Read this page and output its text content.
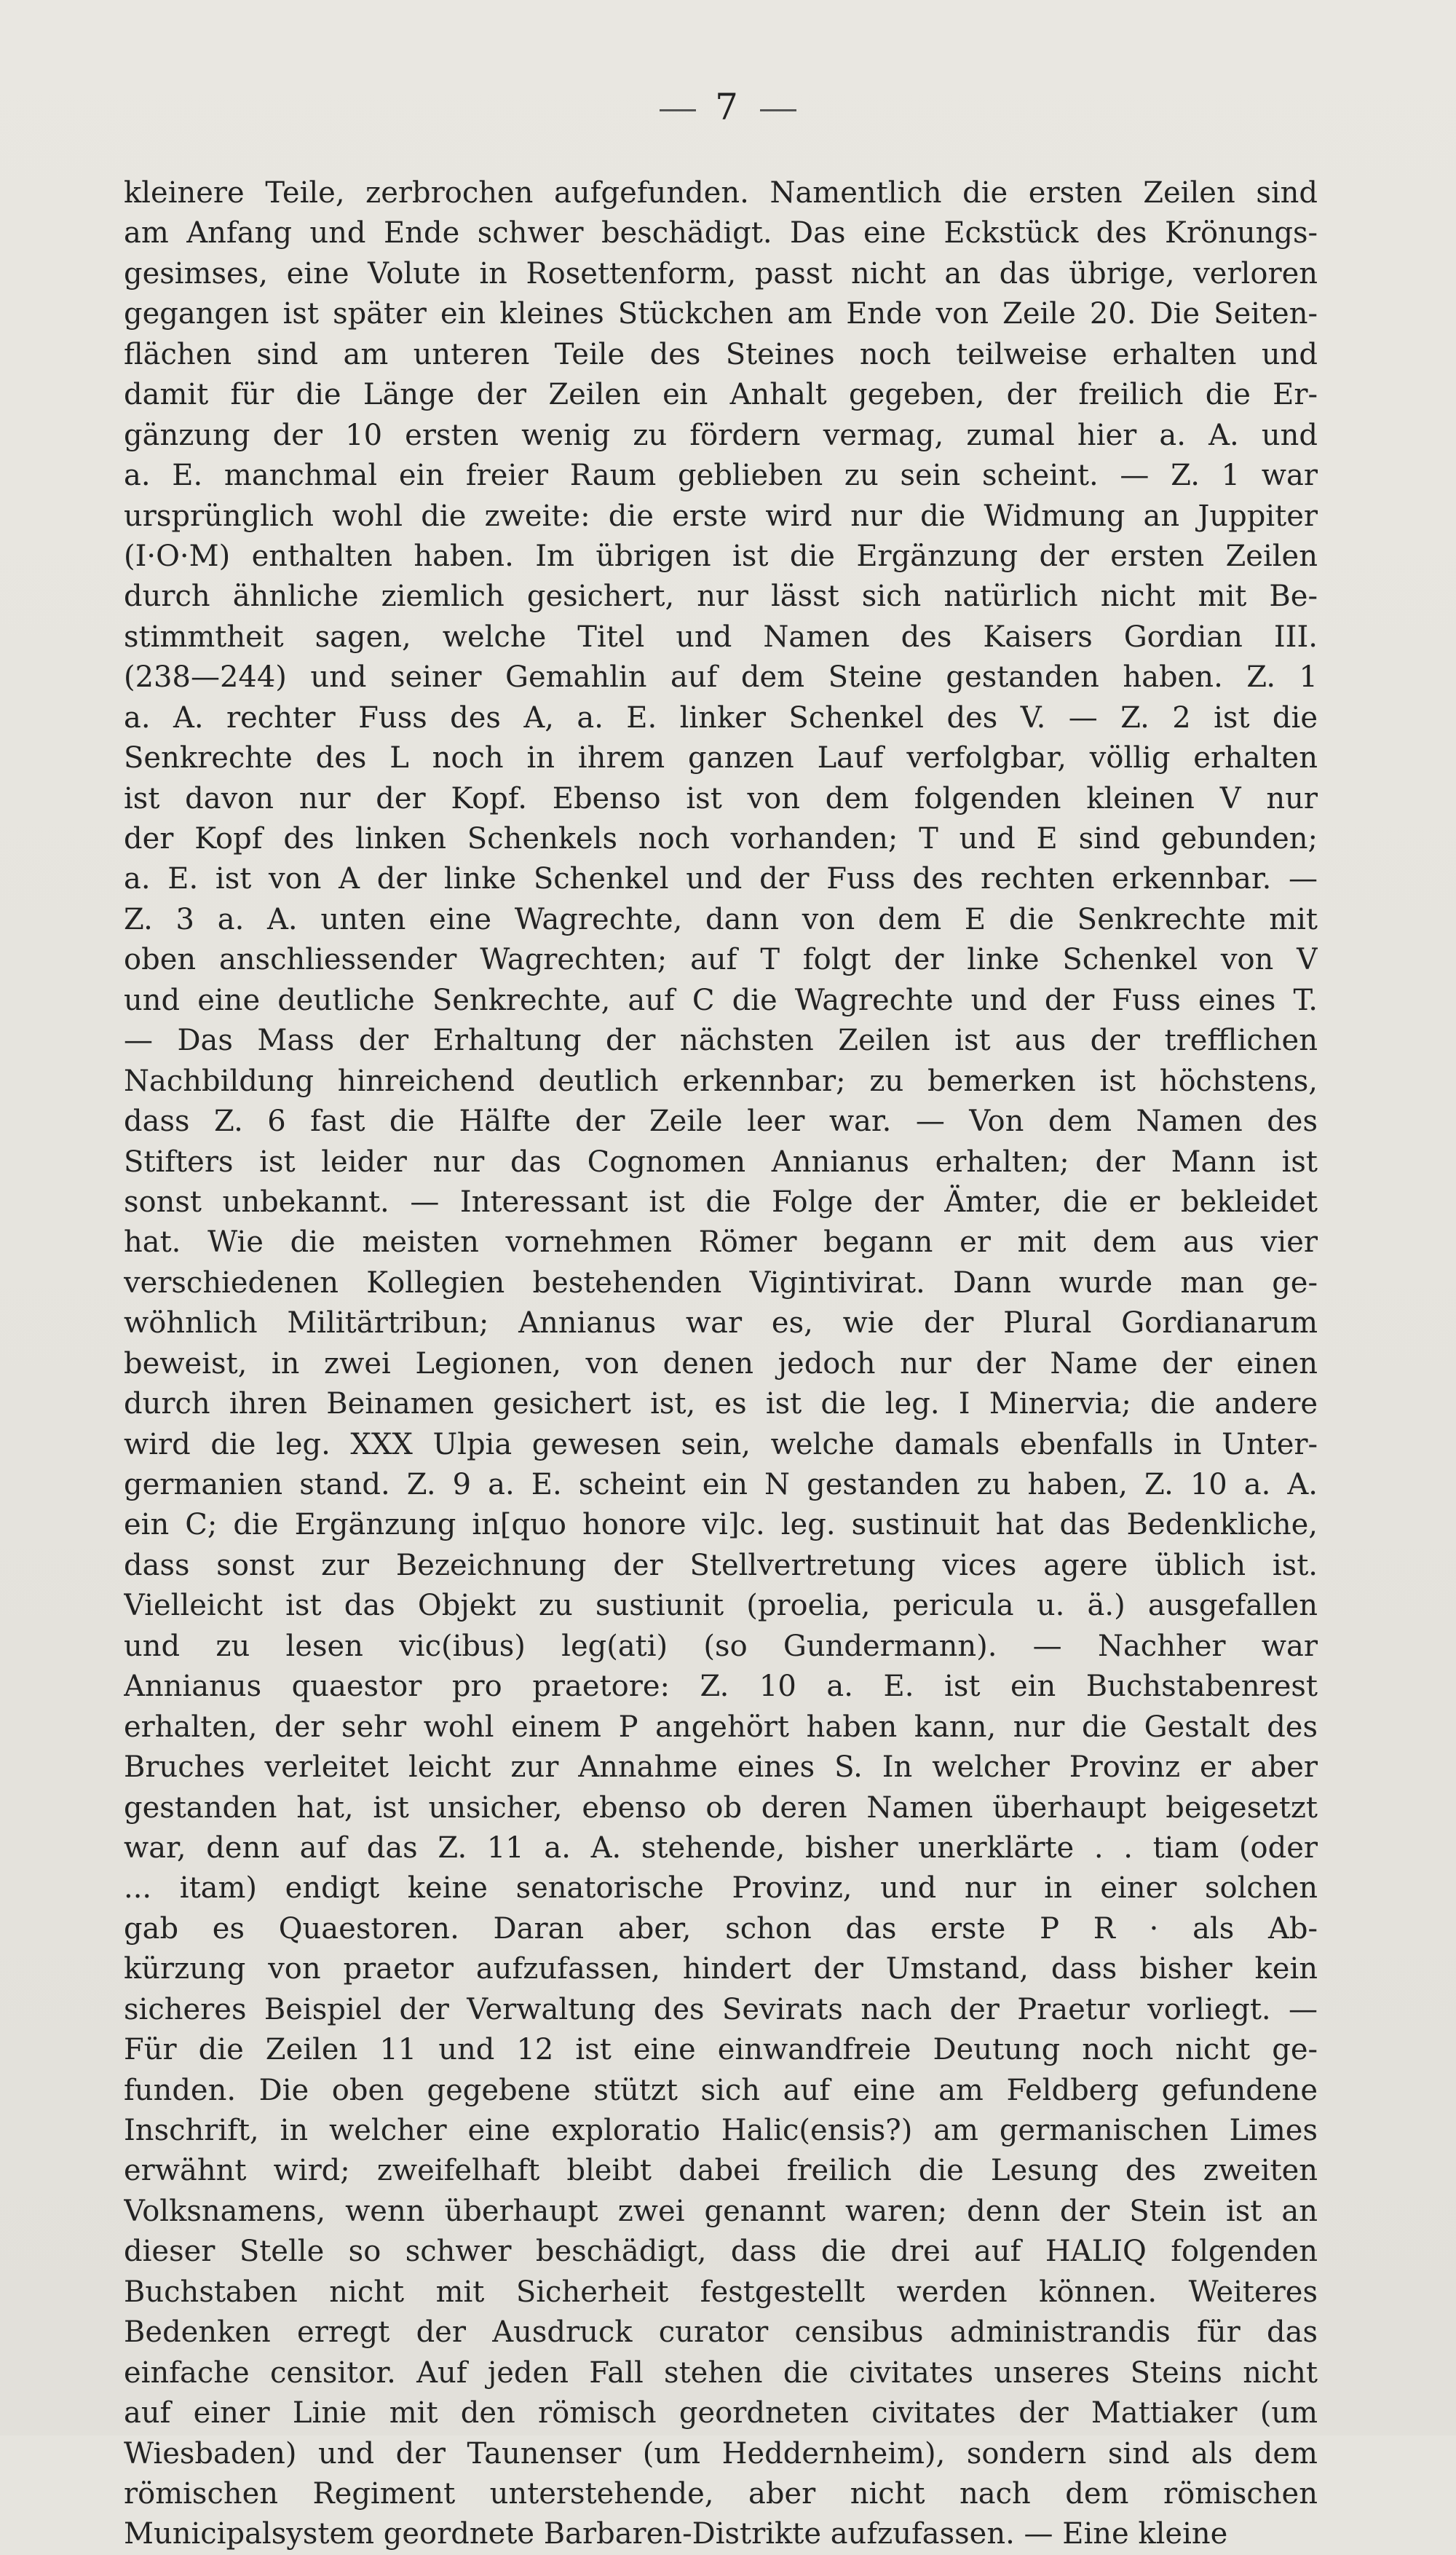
7
kleinere Teile, zerbrochen aufgefunden. Namentlich die ersten Zeilen sind
am Anfang und Ende schwer beschädigt. Das eine Eckstück des Krönungs-
gesimses, eine Volute in Rosettenform, passt nicht an das übrige, verloren
gegangen ist später ein kleines Stückchen am Ende von Zeile 20. Die Seiten-
flächen sind am unteren Teile des Steines noch teilweise erhalten und
damit für die Länge der Zeilen ein Anhalt gegeben, der freilich die Er-
gänzung der 10 ersten wenig zu fördern vermag, zumal hier a. A. und
a. E. manchmal ein freier Raum geblieben zu sein scheint. — Z. 1 war
ursprünglich wohl die zweite: die erste wird nur die Widmung an Juppiter
(I·O·M) enthalten haben. Im übrigen ist die Ergänzung der ersten Zeilen
durch ähnliche ziemlich gesichert, nur lässt sich natürlich nicht mit Be-
stimmtheit sagen, welche Titel und Namen des Kaisers Gordian III.
(238—244) und seiner Gemahlin auf dem Steine gestanden haben. Z. 1
a. A. rechter Fuss des A, a. E. linker Schenkel des V. — Z. 2 ist die
Senkrechte des L noch in ihrem ganzen Lauf verfolgbar, völlig erhalten
ist davon nur der Kopf. Ebenso ist von dem folgenden kleinen V nur
der Kopf des linken Schenkels noch vorhanden; T und E sind gebunden;
a. E. ist von A der linke Schenkel und der Fuss des rechten erkennbar. —
Z. 3 a. A. unten eine Wagrechte, dann von dem E die Senkrechte mit
oben anschliessender Wagrechten; auf T folgt der linke Schenkel von V
und eine deutliche Senkrechte, auf C die Wagrechte und der Fuss eines T.
— Das Mass der Erhaltung der nächsten Zeilen ist aus der trefflichen
Nachbildung hinreichend deutlich erkennbar; zu bemerken ist höchstens,
dass Z. 6 fast die Hälfte der Zeile leer war. — Von dem Namen des
Stifters ist leider nur das Cognomen Annianus erhalten; der Mann ist
sonst unbekannt. — Interessant ist die Folge der Ämter, die er bekleidet
hat. Wie die meisten vornehmen Römer begann er mit dem aus vier
verschiedenen Kollegien bestehenden Vigintivirat. Dann wurde man ge-
wöhnlich Militärtribun; Annianus war es, wie der Plural Gordianarum
beweist, in zwei Legionen, von denen jedoch nur der Name der einen
durch ihren Beinamen gesichert ist, es ist die leg. I Minervia; die andere
wird die leg. XXX Ulpia gewesen sein, welche damals ebenfalls in Unter-
germanien stand. Z. 9 a. E. scheint ein N gestanden zu haben, Z. 10 a. A.
ein C; die Ergänzung in[quo honore vi]c. leg. sustinuit hat das Bedenkliche,
dass sonst zur Bezeichnung der Stellvertretung vices agere üblich ist.
Vielleicht ist das Objekt zu sustiunit (proelia, pericula u. ä.) ausgefallen
und zu lesen vic(ibus) leg(ati) (so Gundermann). — Nachher war
Annianus quaestor pro praetore: Z. 10 a. E. ist ein Buchstabenrest
erhalten, der sehr wohl einem P angehört haben kann, nur die Gestalt des
Bruches verleitet leicht zur Annahme eines S. In welcher Provinz er aber
gestanden hat, ist unsicher, ebenso ob deren Namen überhaupt beigesetzt
war, denn auf das Z. 11 a. A. stehende, bisher unerklärte . . tiam (oder
... itam) endigt keine senatorische Provinz, und nur in einer solchen
gab es Quaestoren. Daran aber, schon das erste P R · als Ab-
kürzung von praetor aufzufassen, hindert der Umstand, dass bisher kein
sicheres Beispiel der Verwaltung des Sevirats nach der Praetur vorliegt. —
Für die Zeilen 11 und 12 ist eine einwandfreie Deutung noch nicht ge-
funden. Die oben gegebene stützt sich auf eine am Feldberg gefundene
Inschrift, in welcher eine exploratio Halic(ensis?) am germanischen Limes
erwähnt wird; zweifelhaft bleibt dabei freilich die Lesung des zweiten
Volksnamens, wenn überhaupt zwei genannt waren; denn der Stein ist an
dieser Stelle so schwer beschädigt, dass die drei auf HALIQ folgenden
Buchstaben nicht mit Sicherheit festgestellt werden können. Weiteres
Bedenken erregt der Ausdruck curator censibus administrandis für das
einfache censitor. Auf jeden Fall stehen die civitates unseres Steins nicht
auf einer Linie mit den römisch geordneten civitates der Mattiaker (um
Wiesbaden) und der Taunenser (um Heddernheim), sondern sind als dem
römischen Regiment unterstehende, aber nicht nach dem römischen
Municipalsystem geordnete Barbaren-Distrikte aufzufassen. — Eine kleine
